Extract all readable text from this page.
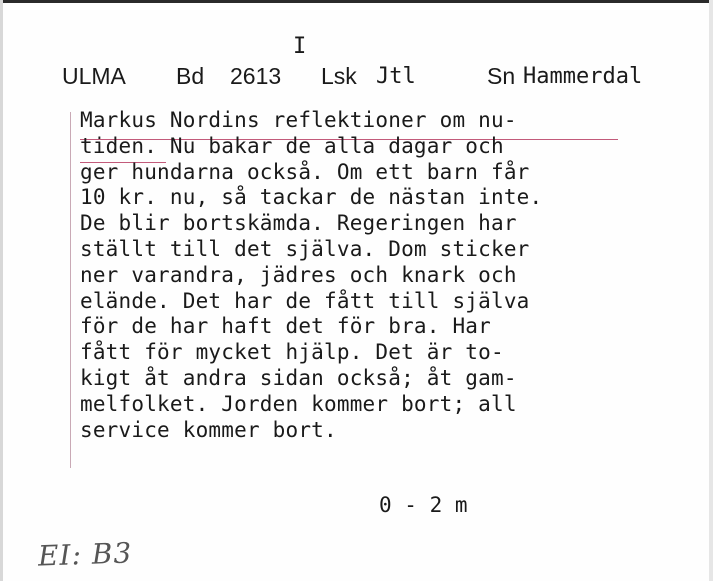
I
ULMA Bd 2613 Lsk Jtl	Sn Hammerdal
Markus Nordins reflektioner om nu-
tiden. Nu bakar de alla dagar och
ger hundarna också. Om ett barn får
10 kr. nu, så tackar de nästan inte.
De blir bortskämda. Regeringen har
ställt till det själva. Dom sticker
ner varandra, jädres och knark och
elände. Det har de fått till själva
för de har haft det för bra. Har
fått för mycket hjälp. Det är to-
kigt åt andra sidan också; åt gam-
melfolket. Jorden kommer bort; all
service kommer bort.
0 - 2 m
EI: B3
